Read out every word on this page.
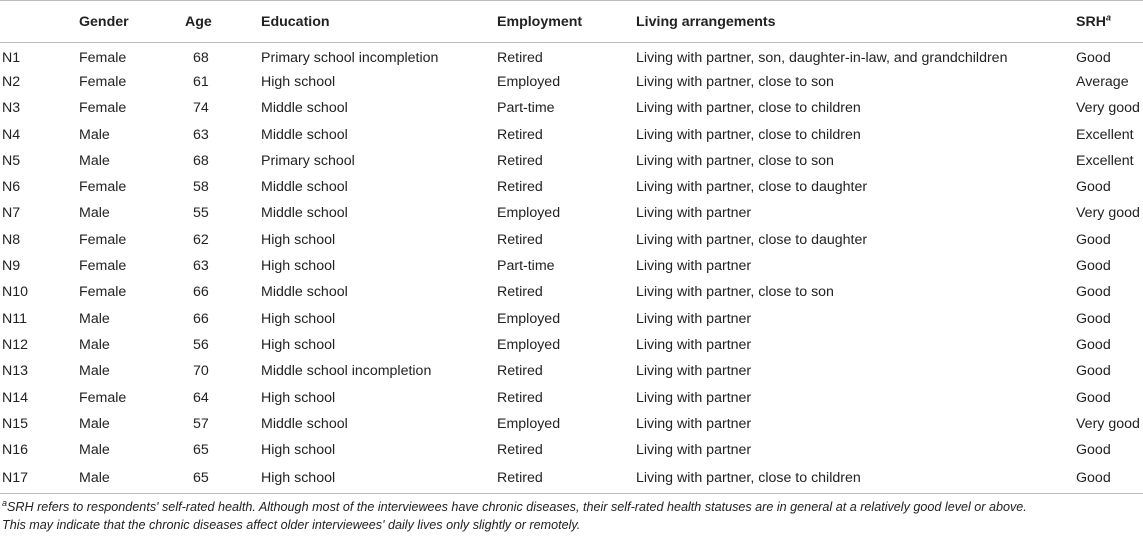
	Gender	Age	Education	Employment	Living arrangements	SRH$^a$
N1	Female	68	Primary school incompletion	Retired	Living with partner, son, daughter-in-law, and grandchildren	Good
N2	Female	61	High school	Employed	Living with partner, close to son	Average
N3	Female	74	Middle school	Part-time	Living with partner, close to children	Very good
N4	Male	63	Middle school	Retired	Living with partner, close to children	Excellent
N5	Male	68	Primary school	Retired	Living with partner, close to son	Excellent
N6	Female	58	Middle school	Retired	Living with partner, close to daughter	Good
N7	Male	55	Middle school	Employed	Living with partner	Very good
N8	Female	62	High school	Retired	Living with partner, close to daughter	Good
N9	Female	63	High school	Part-time	Living with partner	Good
N10	Female	66	Middle school	Retired	Living with partner, close to son	Good
N11	Male	66	High school	Employed	Living with partner	Good
N12	Male	56	High school	Employed	Living with partner	Good
N13	Male	70	Middle school incompletion	Retired	Living with partner	Good
N14	Female	64	High school	Retired	Living with partner	Good
N15	Male	57	Middle school	Employed	Living with partner	Very good
N16	Male	65	High school	Retired	Living with partner	Good
N17	Male	65	High school	Retired	Living with partner, close to children	Good
$^a$SRH refers to respondents' self-rated health. Although most of the interviewees have chronic diseases, their self-rated health statuses are in general at a relatively good level or above.
This may indicate that the chronic diseases affect older interviewees' daily lives only slightly or remotely.
